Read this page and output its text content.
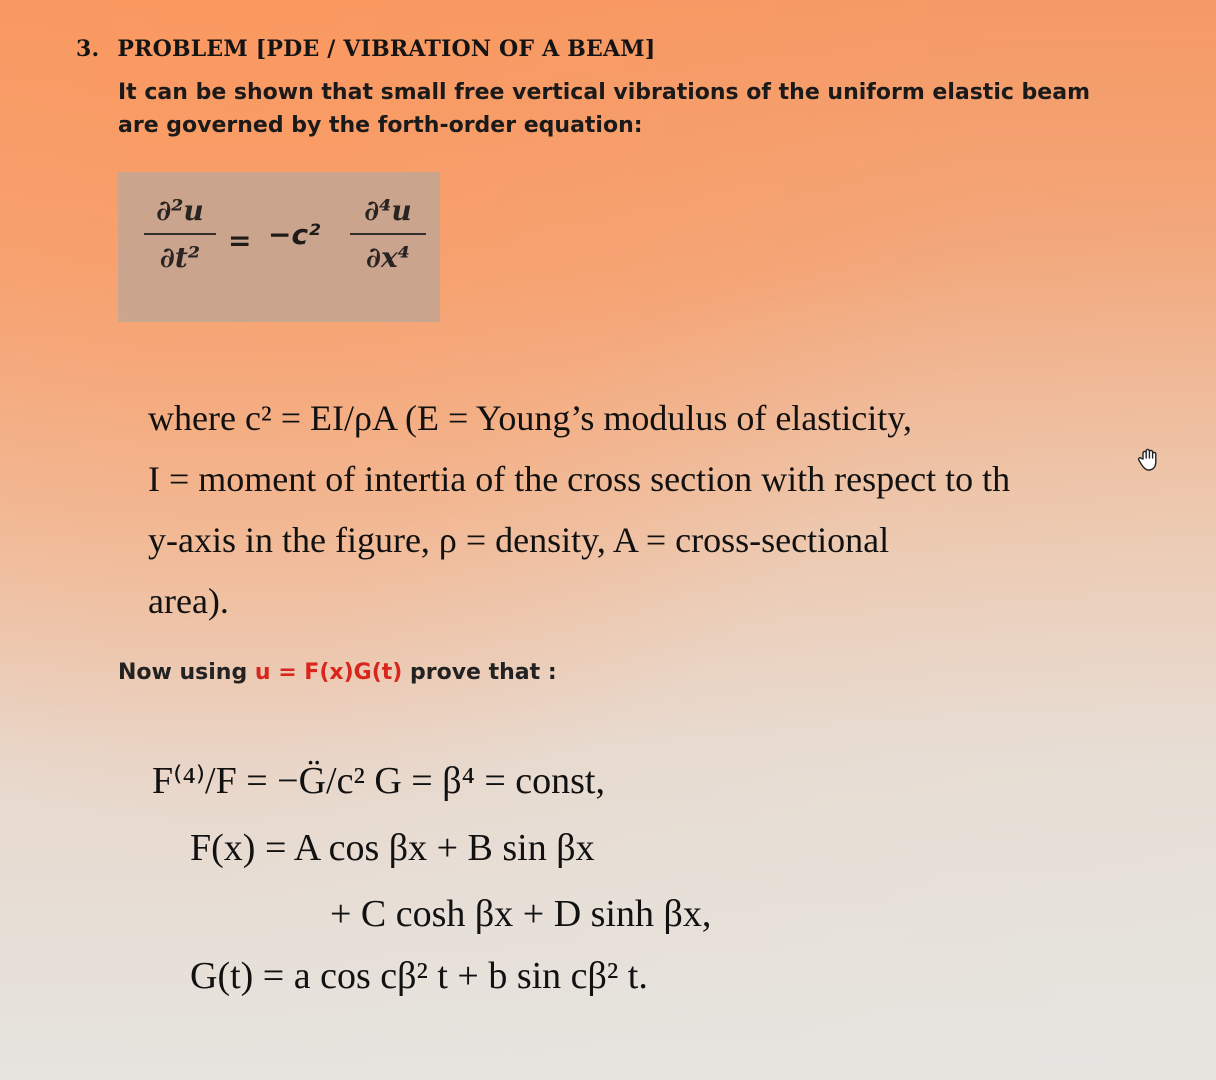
3. PROBLEM [PDE / VIBRATION OF A BEAM]
It can be shown that small free vertical vibrations of the uniform elastic beam
are governed by the forth-order equation:
∂²u
∂t²
= −c²
∂⁴u
∂x⁴
where c² = EI/ρA (E = Young’s modulus of elasticity,
I = moment of intertia of the cross section with respect to th
y-axis in the figure, ρ = density, A = cross-sectional
area).
Now using u = F(x)G(t) prove that :
F⁽⁴⁾/F = −G̈/c² G = β⁴ = const,
F(x) = A cos βx + B sin βx
+ C cosh βx + D sinh βx,
G(t) = a cos cβ² t + b sin cβ² t.
